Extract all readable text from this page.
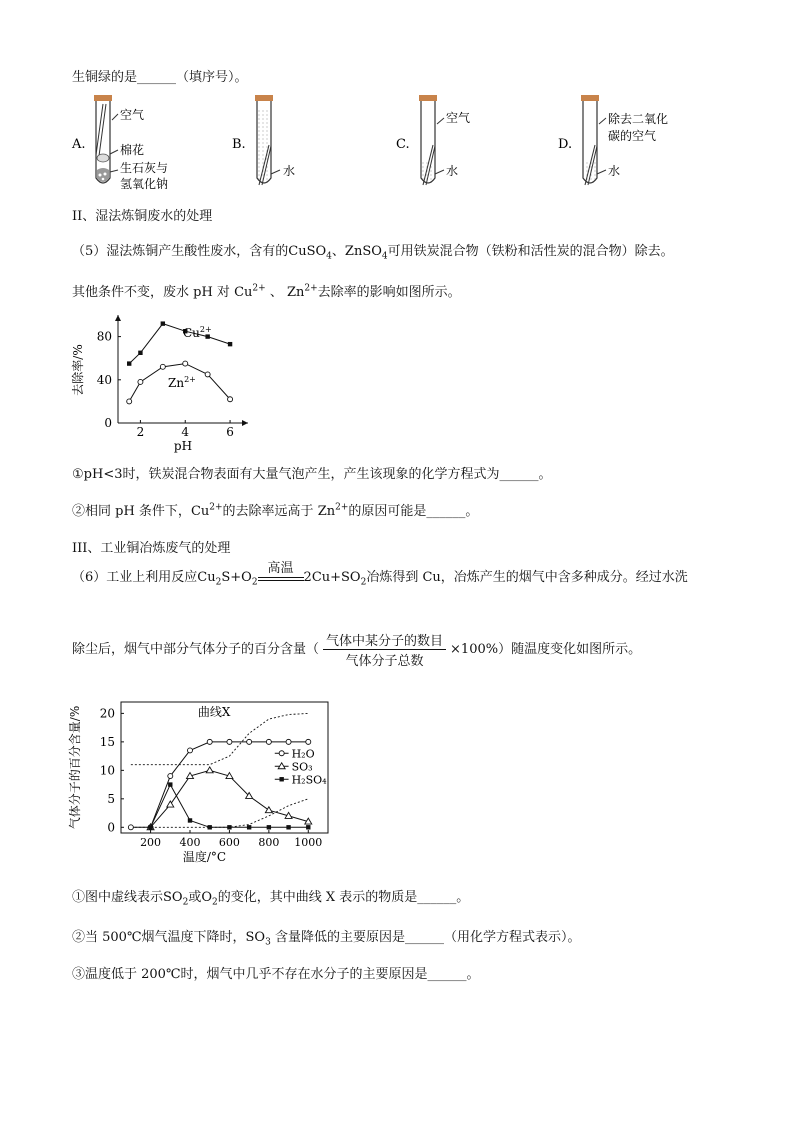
生铜绿的是______（填序号）。
A.
空气
棉花
生石灰与
氢氧化钠
B.
水
C.
空气
水
D.
除去二氧化
碳的空气
水
II、湿法炼铜废水的处理
（5）湿法炼铜产生酸性废水，含有的CuSO$_4$、ZnSO$_4$可用铁炭混合物（铁粉和活性炭的混合物）除去。
其他条件不变，废水 pH 对 $Cu^{2+}$ 、 $Zn^{2+}$去除率的影响如图所示。
2	4	6
0
40
80
pH
去除率/%
$Cu^{2+}$
$Zn^{2+}$
①pH<3时，铁炭混合物表面有大量气泡产生，产生该现象的化学方程式为______。
②相同 pH 条件下，$Cu^{2+}$的去除率远高于 $Zn^{2+}$的原因可能是______。
III、工业铜冶炼废气的处理
（6）工业上利用反应$Cu_2S+O_2$
高温
$2Cu+SO_2$冶炼得到 Cu，冶炼产生的烟气中含多种成分。经过水洗
除尘后，烟气中部分气体分子的百分含量（ $\frac{\text{气体中某分子的数目}}{\text{气体分子总数}} \times 100\%$）随温度变化如图所示。
200 400 600 800 1000
0
5
10
15
20
温度/°C
气体分子的百分含量/%	曲线X
H₂O
SO₃
H₂SO₄
①图中虚线表示$SO_2$或$O_2$的变化，其中曲线 X 表示的物质是______。
②当 500℃烟气温度下降时，$SO_3$ 含量降低的主要原因是______（用化学方程式表示）。
③温度低于 200℃时，烟气中几乎不存在水分子的主要原因是______。
